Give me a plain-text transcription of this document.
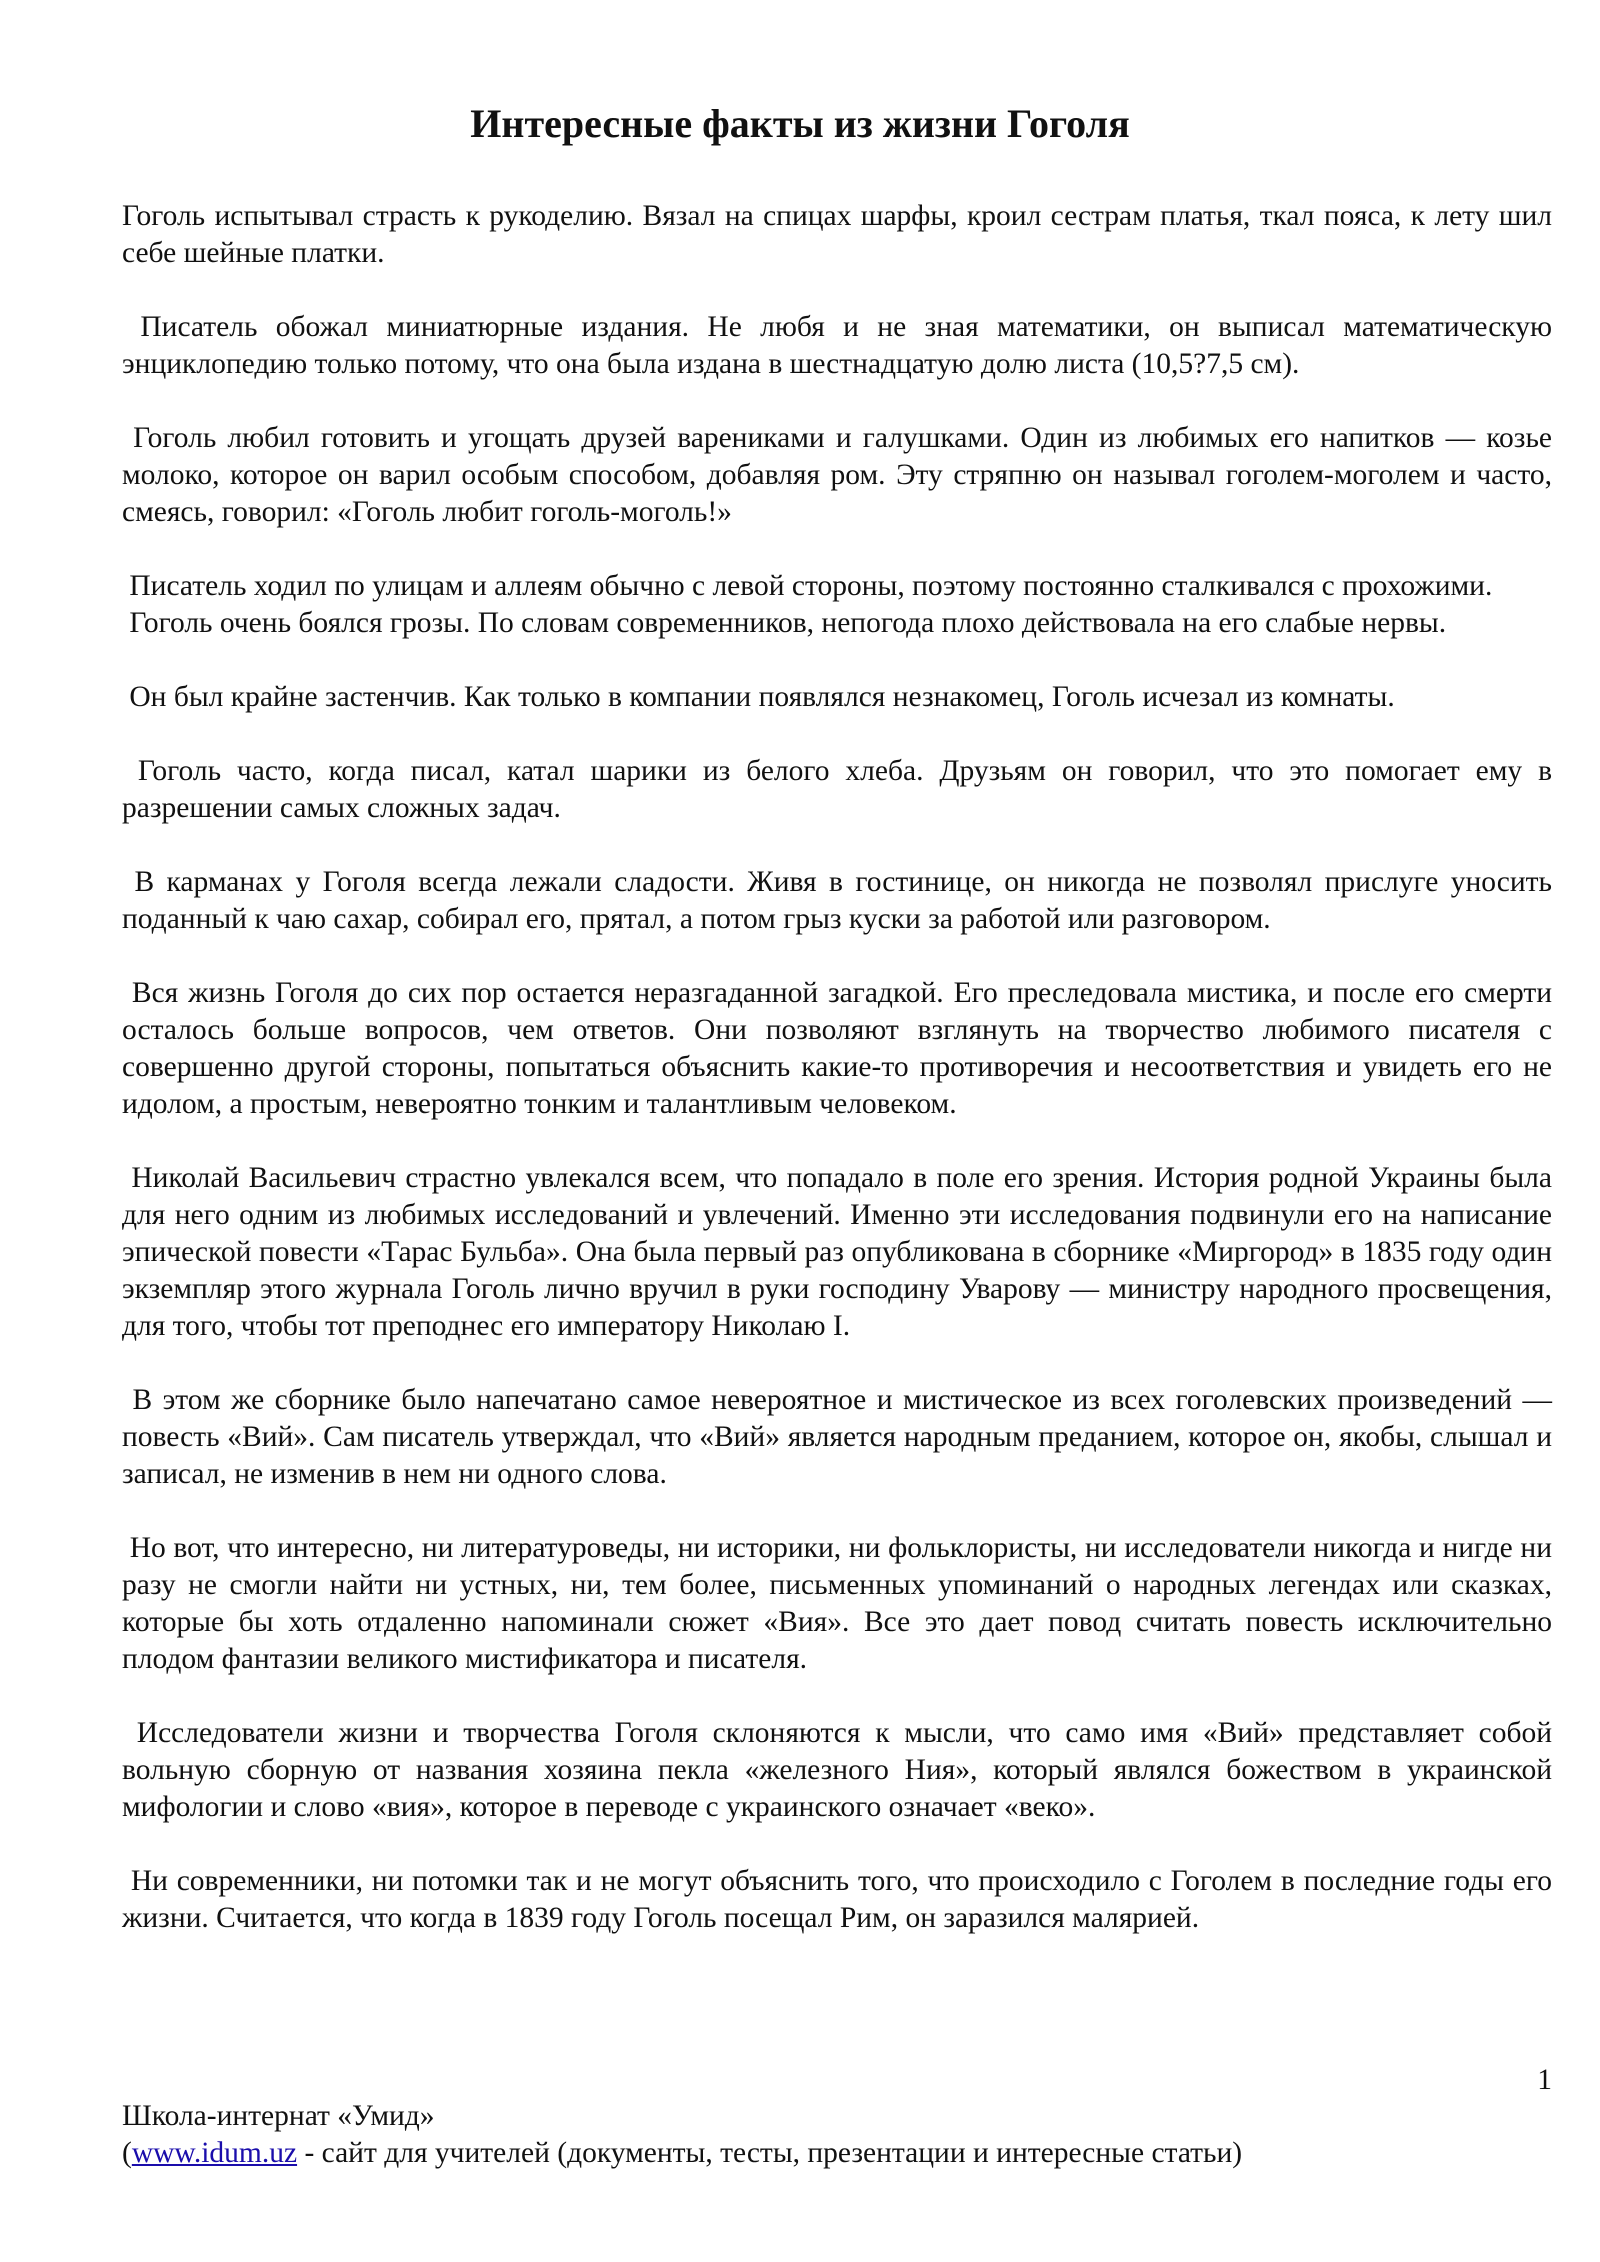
Интересные факты из жизни Гоголя

Гоголь испытывал страсть к рукоделию. Вязал на спицах шарфы, кроил сестрам платья, ткал пояса, к лету шил себе шейные платки.

Писатель обожал миниатюрные издания. Не любя и не зная математики, он выписал математическую энциклопедию только потому, что она была издана в шестнадцатую долю листа (10,5?7,5 см).

Гоголь любил готовить и угощать друзей варениками и галушками. Один из любимых его напитков — козье молоко, которое он варил особым способом, добавляя ром. Эту стряпню он называл гоголем-моголем и часто, смеясь, говорил: «Гоголь любит гоголь-моголь!»

Писатель ходил по улицам и аллеям обычно с левой стороны, поэтому постоянно сталкивался с прохожими.

Гоголь очень боялся грозы. По словам современников, непогода плохо действовала на его слабые нервы.

Он был крайне застенчив. Как только в компании появлялся незнакомец, Гоголь исчезал из комнаты.

Гоголь часто, когда писал, катал шарики из белого хлеба. Друзьям он говорил, что это помогает ему в разрешении самых сложных задач.

В карманах у Гоголя всегда лежали сладости. Живя в гостинице, он никогда не позволял прислуге уносить поданный к чаю сахар, собирал его, прятал, а потом грыз куски за работой или разговором.

Вся жизнь Гоголя до сих пор остается неразгаданной загадкой. Его преследовала мистика, и после его смерти осталось больше вопросов, чем ответов. Они позволяют взглянуть на творчество любимого писателя с совершенно другой стороны, попытаться объяснить какие-то противоречия и несоответствия и увидеть его не идолом, а простым, невероятно тонким и талантливым человеком.

Николай Васильевич страстно увлекался всем, что попадало в поле его зрения. История родной Украины была для него одним из любимых исследований и увлечений. Именно эти исследования подвинули его на написание эпической повести «Тарас Бульба». Она была первый раз опубликована в сборнике «Миргород» в 1835 году один экземпляр этого журнала Гоголь лично вручил в руки господину Уварову — министру народного просвещения, для того, чтобы тот преподнес его императору Николаю I.

В этом же сборнике было напечатано самое невероятное и мистическое из всех гоголевских произведений — повесть «Вий». Сам писатель утверждал, что «Вий» является народным преданием, которое он, якобы, слышал и записал, не изменив в нем ни одного слова.

Но вот, что интересно, ни литературоведы, ни историки, ни фольклористы, ни исследователи никогда и нигде ни разу не смогли найти ни устных, ни, тем более, письменных упоминаний о народных легендах или сказках, которые бы хоть отдаленно напоминали сюжет «Вия». Все это дает повод считать повесть исключительно плодом фантазии великого мистификатора и писателя.

Исследователи жизни и творчества Гоголя склоняются к мысли, что само имя «Вий» представляет собой вольную сборную от названия хозяина пекла «железного Ния», который являлся божеством в украинской мифологии и слово «вия», которое в переводе с украинского означает «веко».

Ни современники, ни потомки так и не могут объяснить того, что происходило с Гоголем в последние годы его жизни. Считается, что когда в 1839 году Гоголь посещал Рим, он заразился малярией.

1
Школа-интернат «Умид»
(www.idum.uz - сайт для учителей (документы, тесты, презентации и интересные статьи)
